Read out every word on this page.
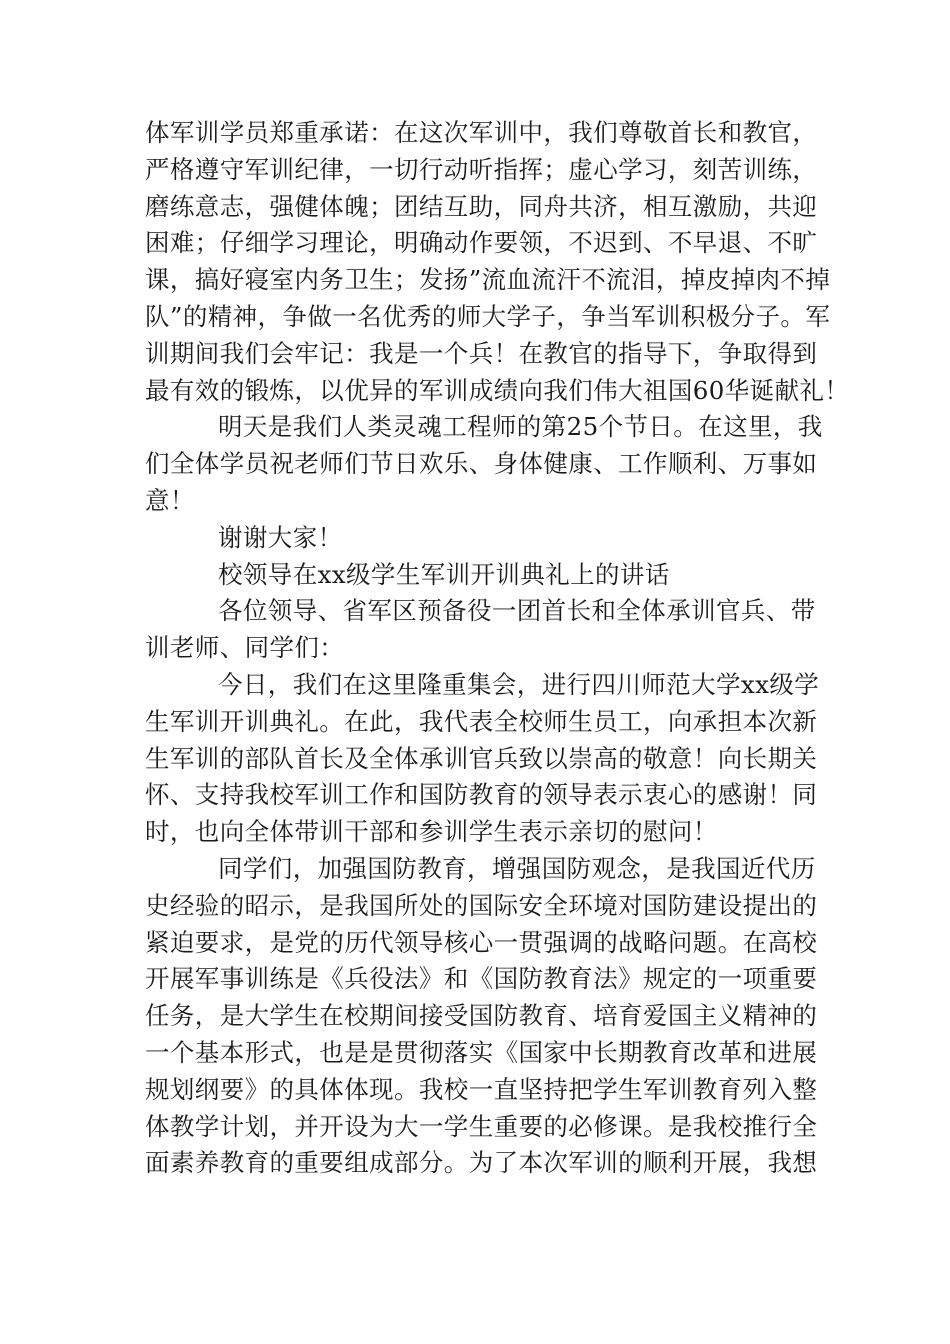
体军训学员郑重承诺：在这次军训中，我们尊敬首长和教官，
严格遵守军训纪律，一切行动听指挥；虚心学习，刻苦训练，
磨练意志，强健体魄；团结互助，同舟共济，相互激励，共迎
困难；仔细学习理论，明确动作要领，不迟到、不早退、不旷
课，搞好寝室内务卫生；发扬”流血流汗不流泪，掉皮掉肉不掉
队”的精神，争做一名优秀的师大学子，争当军训积极分子。军
训期间我们会牢记：我是一个兵！在教官的指导下，争取得到
最有效的锻炼，以优异的军训成绩向我们伟大祖国60华诞献礼！
明天是我们人类灵魂工程师的第25个节日。在这里，我
们全体学员祝老师们节日欢乐、身体健康、工作顺利、万事如
意！
谢谢大家！
校领导在xx级学生军训开训典礼上的讲话
各位领导、省军区预备役一团首长和全体承训官兵、带
训老师、同学们：
今日，我们在这里隆重集会，进行四川师范大学xx级学
生军训开训典礼。在此，我代表全校师生员工，向承担本次新
生军训的部队首长及全体承训官兵致以崇高的敬意！向长期关
怀、支持我校军训工作和国防教育的领导表示衷心的感谢！同
时，也向全体带训干部和参训学生表示亲切的慰问！
同学们，加强国防教育，增强国防观念，是我国近代历
史经验的昭示，是我国所处的国际安全环境对国防建设提出的
紧迫要求，是党的历代领导核心一贯强调的战略问题。在高校
开展军事训练是《兵役法》和《国防教育法》规定的一项重要
任务，是大学生在校期间接受国防教育、培育爱国主义精神的
一个基本形式，也是是贯彻落实《国家中长期教育改革和进展
规划纲要》的具体体现。我校一直坚持把学生军训教育列入整
体教学计划，并开设为大一学生重要的必修课。是我校推行全
面素养教育的重要组成部分。为了本次军训的顺利开展，我想
